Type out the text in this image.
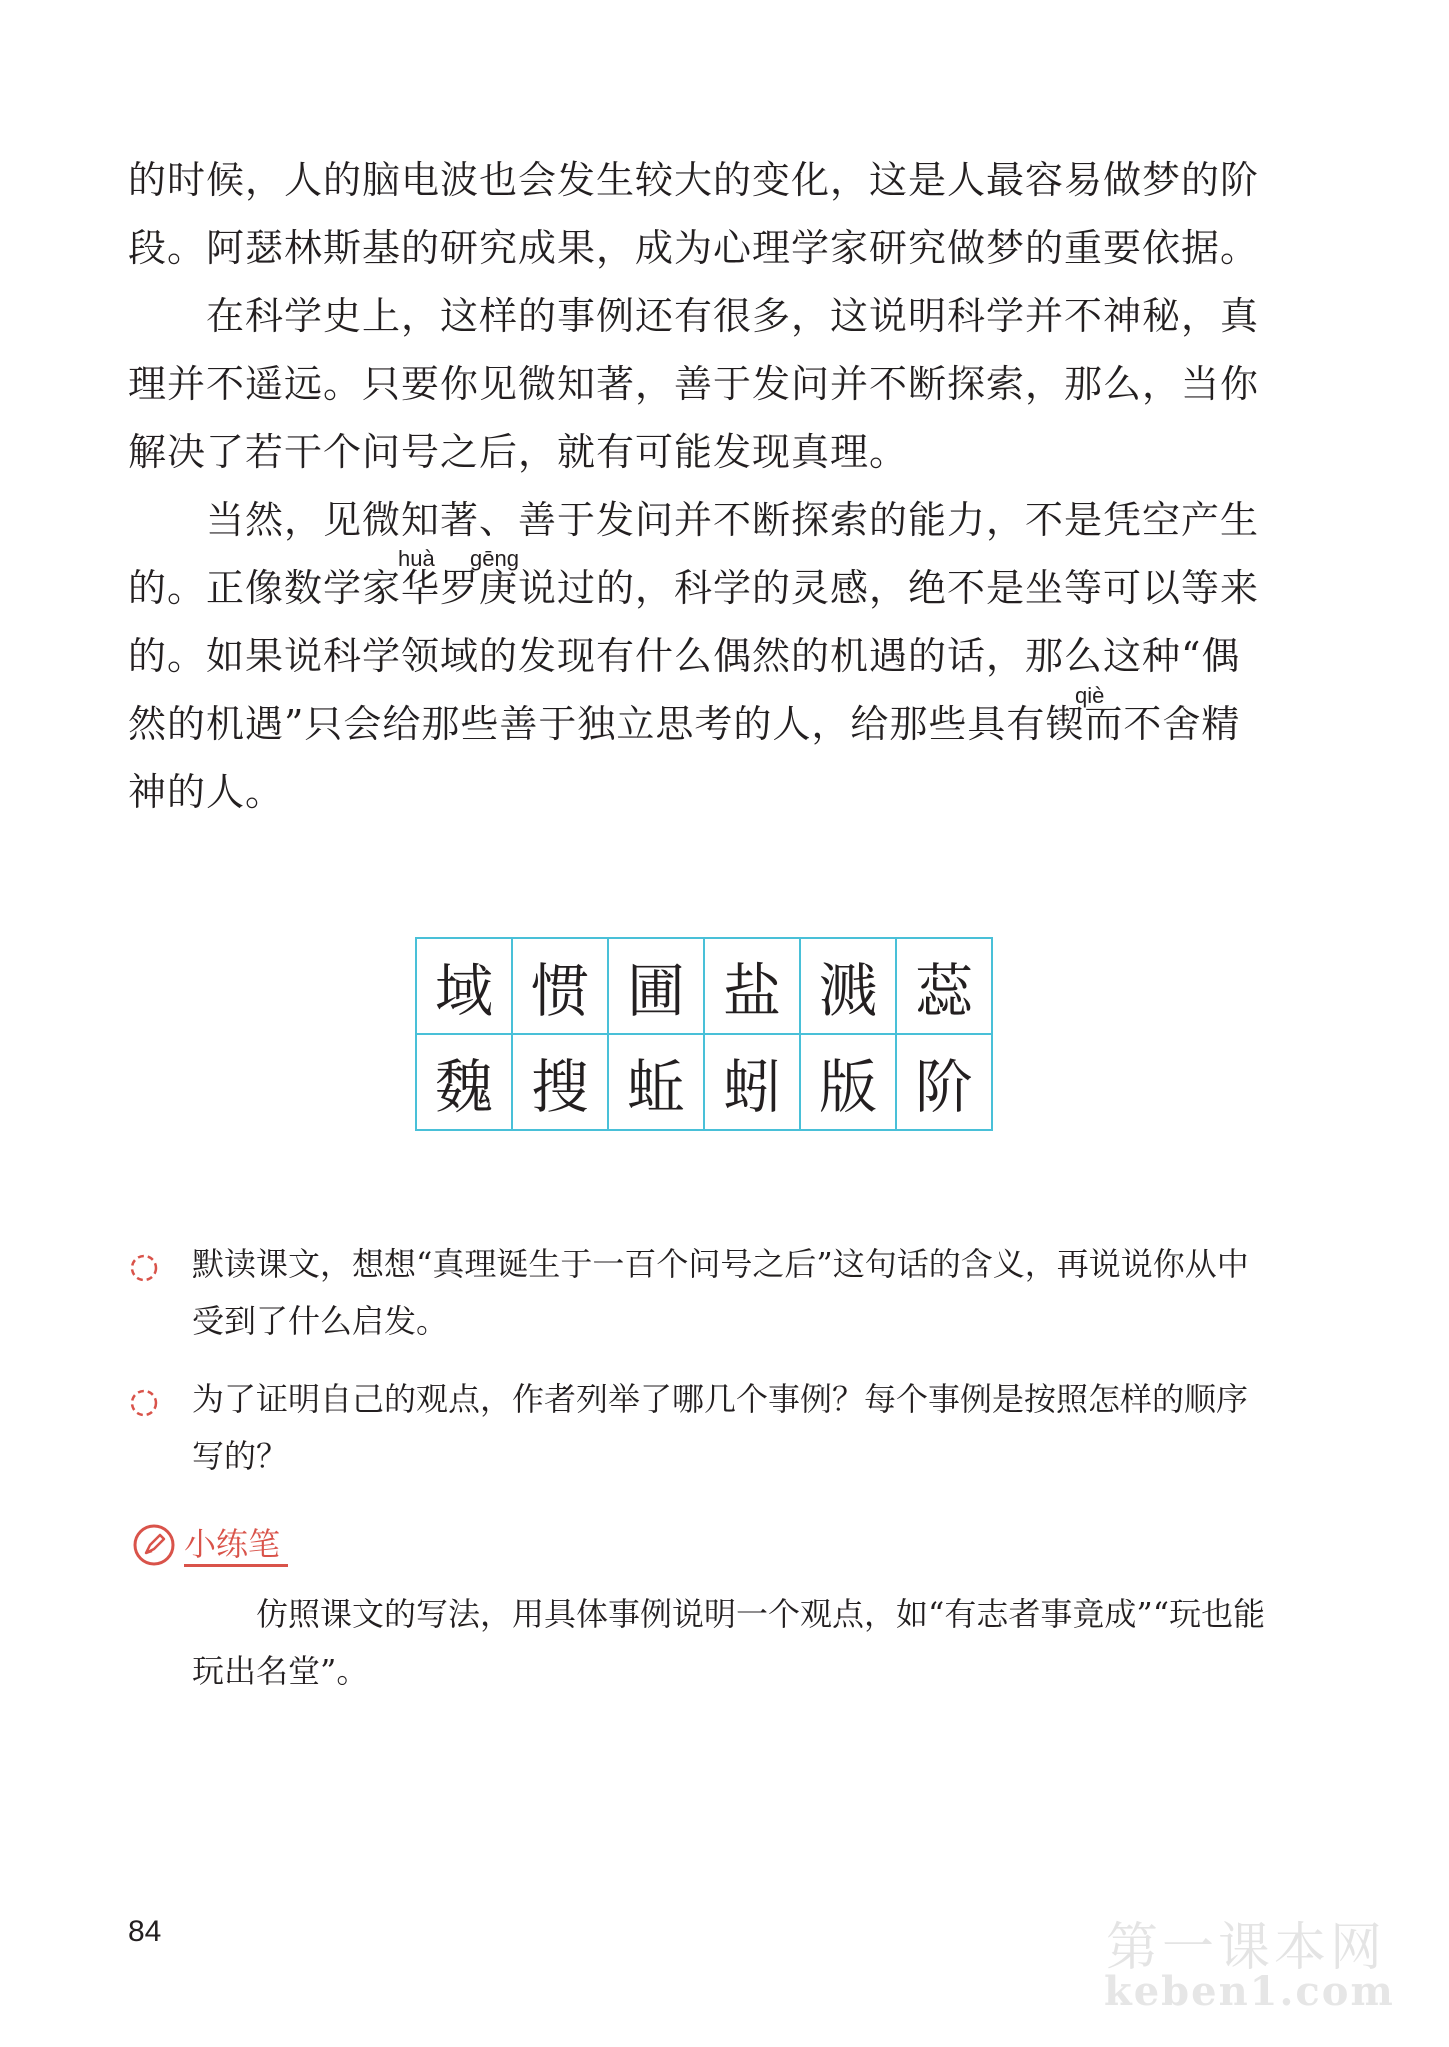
的时候，人的脑电波也会发生较大的变化，这是人最容易做梦的阶段。阿瑟林斯基的研究成果，成为心理学家研究做梦的重要依据。

在科学史上，这样的事例还有很多，这说明科学并不神秘，真理并不遥远。只要你见微知著，善于发问并不断探索，那么，当你解决了若干个问号之后，就有可能发现真理。

当然，见微知著、善于发问并不断探索的能力，不是凭空产生的。正像数学家华罗庚说过的，科学的灵感，绝不是坐等可以等来的。如果说科学领域的发现有什么偶然的机遇的话，那么这种“偶然的机遇”只会给那些善于独立思考的人，给那些具有锲而不舍精神的人。

huà gēng
qiè
域	惯	圃	盐	溅	蕊
魏	搜	蚯	蚓	版	阶

默读课文，想想“真理诞生于一百个问号之后”这句话的含义，再说说你从中受到了什么启发。

为了证明自己的观点，作者列举了哪几个事例？每个事例是按照怎样的顺序写的？

小练笔

仿照课文的写法，用具体事例说明一个观点，如“有志者事竟成”“玩也能玩出名堂”。

84	第一课本网
keben1.com
